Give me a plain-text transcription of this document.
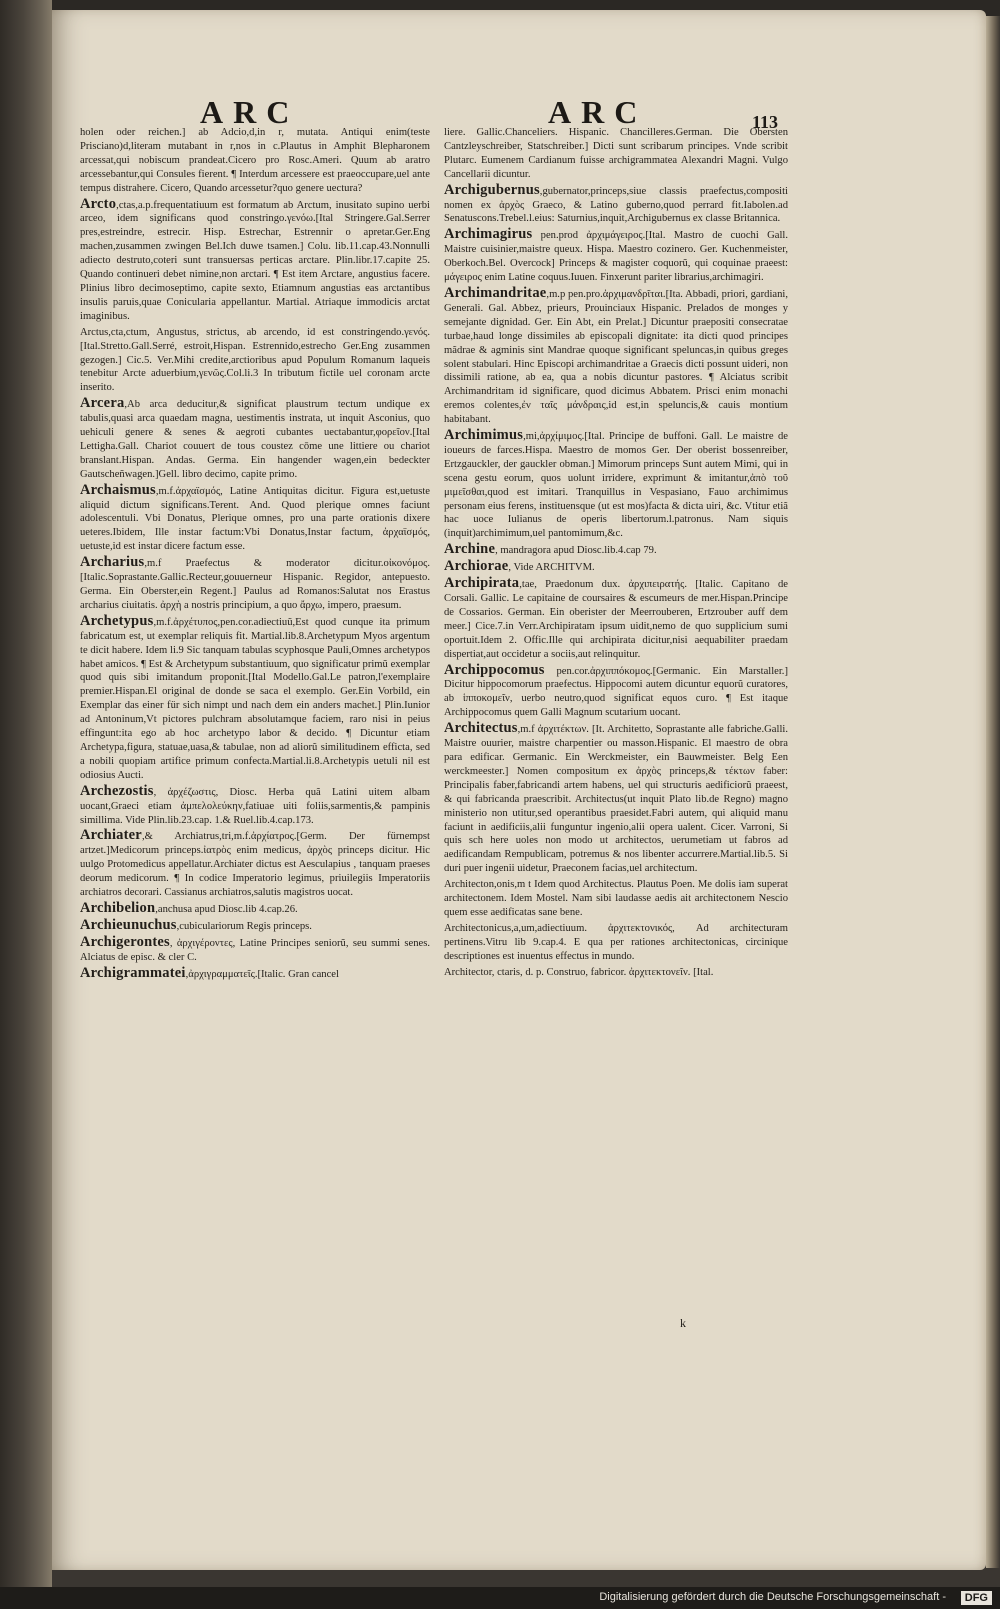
ARC	ARC	113

holen oder reichen.] ab Adcio,d,in r, mutata. Antiqui enim(teste Prisciano)d,literam mutabant in r,nos in c.Plautus in Amphit Blepharonem arcessat,qui nobiscum prandeat.Cicero pro Rosc.Ameri. Quum ab aratro arcessebantur,qui Consules fierent. ¶ Interdum arcessere est praeoccupare,uel ante tempus distrahere. Cicero, Quando arcessetur?quo genere uectura?

Arcto,ctas,a.p.frequentatiuum est formatum ab Arctum, inusitato supino uerbi arceo, idem significans quod constringo.γενόω.[Ital Stringere.Gal.Serrer pres,estreindre, estrecir. Hisp. Estrechar, Estrennir o apretar.Ger.Eng machen,zusammen zwingen Bel.Ich duwe tsamen.] Colu. lib.11.cap.43.Nonnulli adiecto destruto,coteri sunt transuersas perticas arctare. Plin.libr.17.capite 25. Quando continueri debet nimine,non arctari. ¶ Est item Arctare, angustius facere. Plinius libro decimoseptimo, capite sexto, Etiamnum angustias eas arctantibus insulis paruis,quae Conicularia appellantur. Martial. Atriaque immodicis arctat imaginibus.

Arctus,cta,ctum, Angustus, strictus, ab arcendo, id est constringendo.γενός.[Ital.Stretto.Gall.Serré, estroit,Hispan. Estrennido,estrecho Ger.Eng zusammen gezogen.] Cic.5. Ver.Mihi credite,arctioribus apud Populum Romanum laqueis tenebitur Arcte aduerbium,γενῶς.Col.li.3 In tributum fictile uel coronam arcte inserito.

Arcera,Ab arca deducitur,& significat plaustrum tectum undique ex tabulis,quasi arca quaedam magna, uestimentis instrata, ut inquit Asconius, quo uehiculi genere & senes & aegroti cubantes uectabantur,φορεῖον.[Ital Lettigha.Gall. Chariot couuert de tous coustez cōme une littiere ou chariot branslant.Hispan. Andas. Germa. Ein hangender wagen,ein bedeckter Gautscheñwagen.]Gell. libro decimo, capite primo.

Archaismus,m.f.ἀρχαϊσμός, Latine Antiquitas dicitur. Figura est,uetuste aliquid dictum significans.Terent. And. Quod plerique omnes faciunt adolescentuli. Vbi Donatus, Plerique omnes, pro una parte orationis dixere ueteres.Ibidem, Ille instar factum:Vbi Donatus,Instar factum, ἀρχαϊσμός, uetuste,id est instar dicere factum esse.

Archarius,m.f Praefectus & moderator dicitur.οἰκονόμος. [Italic.Soprastante.Gallic.Recteur,gouuerneur Hispanic. Regidor, antepuesto. Germa. Ein Oberster,ein Regent.] Paulus ad Romanos:Salutat nos Erastus archarius ciuitatis. ἀρχὴ a nostris principium, a quo ἄρχω, impero, praesum.

Archetypus,m.f.ἀρχέτυπος,pen.cor.adiectiuũ,Est quod cunque ita primum fabricatum est, ut exemplar reliquis fit. Martial.lib.8.Archetypum Myos argentum te dicit habere. Idem li.9 Sic tanquam tabulas scyphosque Pauli,Omnes archetypos habet amicos. ¶ Est & Archetypum substantiuum, quo significatur primũ exemplar quod quis sibi imitandum proponit.[Ital Modello.Gal.Le patron,l'exemplaire premier.Hispan.El original de donde se saca el exemplo. Ger.Ein Vorbild, ein Exemplar das einer für sich nimpt und nach dem ein anders machet.] Plin.Iunior ad Antoninum,Vt pictores pulchram absolutamque faciem, raro nisi in peius effingunt:ita ego ab hoc archetypo labor & decido. ¶ Dicuntur etiam Archetypa,figura, statuae,uasa,& tabulae, non ad aliorũ similitudinem efficta, sed a nobili quopiam artifice primum confecta.Martial.li.8.Archetypis uetuli nil est odiosius Aucti.

Archezostis, ἀρχέζωστις, Diosc. Herba quã Latini uitem albam uocant,Graeci etiam ἀμπελολεύκην,fatiuae uiti foliis,sarmentis,& pampinis simillima. Vide Plin.lib.23.cap. 1.& Ruel.lib.4.cap.173.

Archiater,& Archiatrus,tri,m.f.ἀρχίατρος.[Germ. Der fürnempst artzet.]Medicorum princeps.ἰατρὸς enim medicus, ἀρχὸς princeps dicitur. Hic uulgo Protomedicus appellatur.Archiater dictus est Aesculapius , tanquam praeses deorum medicorum. ¶ In codice Imperatorio legimus, priuilegiis Imperatoriis archiatros decorari. Cassianus archiatros,salutis magistros uocat.

Archibelion,anchusa apud Diosc.lib 4.cap.26.

Archieunuchus,cubiculariorum Regis princeps.

Archigerontes, ἀρχιγέροντες, Latine Principes seniorũ, seu summi senes. Alciatus de episc. & cler C.

Archigrammatei,ἀρχιγραμματεῖς.[Italic. Gran cancel

liere. Gallic.Chanceliers. Hispanic. Chancilleres.German. Die Obersten Cantzleyschreiber, Statschreiber.] Dicti sunt scribarum principes. Vnde scribit Plutarc. Eumenem Cardianum fuisse archigrammatea Alexandri Magni. Vulgo Cancellarii dicuntur.

Archigubernus,gubernator,princeps,siue classis praefectus,compositi nomen ex ἀρχὸς Graeco, & Latino guberno,quod perrard fit.Iabolen.ad Senatuscons.Trebel.l.eius: Saturnius,inquit,Archigubernus ex classe Britannica.

Archimagirus pen.prod ἀρχιμάγειρος.[Ital. Mastro de cuochi Gall. Maistre cuisinier,maistre queux. Hispa. Maestro cozinero. Ger. Kuchenmeister, Oberkoch.Bel. Overcock] Princeps & magister coquorũ, qui coquinae praeest: μάγειρος enim Latine coquus.Iuuen. Finxerunt pariter librarius,archimagiri.

Archimandritae,m.p pen.pro.ἀρχιμανδρῖται.[Ita. Abbadi, priori, gardiani, Generali. Gal. Abbez, prieurs, Prouinciaux Hispanic. Prelados de monges y semejante dignidad. Ger. Ein Abt, ein Prelat.] Dicuntur praepositi consecratae turbae,haud longe dissimiles ab episcopali dignitate: ita dicti quod principes mãdrae & agminis sint Mandrae quoque significant speluncas,in quibus greges solent stabulari. Hinc Episcopi archimandritae a Graecis dicti possunt uideri, non dissimili ratione, ab ea, qua a nobis dicuntur pastores. ¶ Alciatus scribit Archimandritam id significare, quod dicimus Abbatem. Prisci enim monachi eremos colentes,ἐν ταῖς μάνδραις,id est,in speluncis,& cauis montium habitabant.

Archimimus,mi,ἀρχίμιμος.[Ital. Principe de buffoni. Gall. Le maistre de ioueurs de farces.Hispa. Maestro de momos Ger. Der oberist bossenreiber, Ertzgauckler, der gauckler obman.] Mimorum princeps Sunt autem Mimi, qui in scena gestu eorum, quos uolunt irridere, exprimunt & imitantur,ἀπὸ τοῦ μιμεῖσθαι,quod est imitari. Tranquillus in Vespasiano, Fauo archimimus personam eius ferens, instituensque (ut est mos)facta & dicta uiri, &c. Vtitur etiã hac uoce Iulianus de operis libertorum.l.patronus. Nam siquis (inquit)archimimum,uel pantomimum,&c.

Archine, mandragora apud Diosc.lib.4.cap 79.

Archiorae, Vide ARCHITVM.

Archipirata,tae, Praedonum dux. ἀρχιπειρατής. [Italic. Capitano de Corsali. Gallic. Le capitaine de coursaires & escumeurs de mer.Hispan.Principe de Cossarios. German. Ein oberister der Meerrouberen, Ertzrouber auff dem meer.] Cice.7.in Verr.Archipiratam ipsum uidit,nemo de quo supplicium sumi oportuit.Idem 2. Offic.Ille qui archipirata dicitur,nisi aequabiliter praedam dispertiat,aut occidetur a sociis,aut relinquitur.

Archippocomus pen.cor.ἀρχιππόκομος.[Germanic. Ein Marstaller.] Dicitur hippocomorum praefectus. Hippocomi autem dicuntur equorũ curatores, ab ἱπποκομεῖν, uerbo neutro,quod significat equos curo. ¶ Est itaque Archippocomus quem Galli Magnum scutarium uocant.

Architectus,m.f ἀρχιτέκτων. [It. Architetto, Soprastante alle fabriche.Galli. Maistre ouurier, maistre charpentier ou masson.Hispanic. El maestro de obra para edificar. Germanic. Ein Werckmeister, ein Bauwmeister. Belg Een werckmeester.] Nomen compositum ex ἀρχὸς princeps,& τέκτων faber: Principalis faber,fabricandi artem habens, uel qui structuris aedificiorũ praeest, & qui fabricanda praescribit. Architectus(ut inquit Plato lib.de Regno) magno ministerio non utitur,sed operantibus praesidet.Fabri autem, qui aliquid manu faciunt in aedificiis,alii funguntur ingenio,alii opera ualent. Cicer. Varroni, Si quis sch here uoles non modo ut architectos, uerumetiam ut fabros ad aedificandam Rempublicam, potremus & nos libenter accurrere.Martial.lib.5. Si duri puer ingenii uidetur, Praeconem facias,uel architectum.

Architecton,onis,m t Idem quod Architectus. Plautus Poen. Me dolis iam superat architectonem. Idem Mostel. Nam sibi laudasse aedis ait architectonem Nescio quem esse aedificatas sane bene.

Architectonicus,a,um,adiectiuum. ἀρχιτεκτονικός, Ad architecturam pertinens.Vitru lib 9.cap.4. E qua per rationes architectonicas, circinique descriptiones est inuentus effectus in mundo.

Architector, ctaris, d. p. Construo, fabricor. ἀρχιτεκτονεῖν. [Ital.

k
Digitalisierung gefördert durch die Deutsche Forschungsgemeinschaft -	DFG
